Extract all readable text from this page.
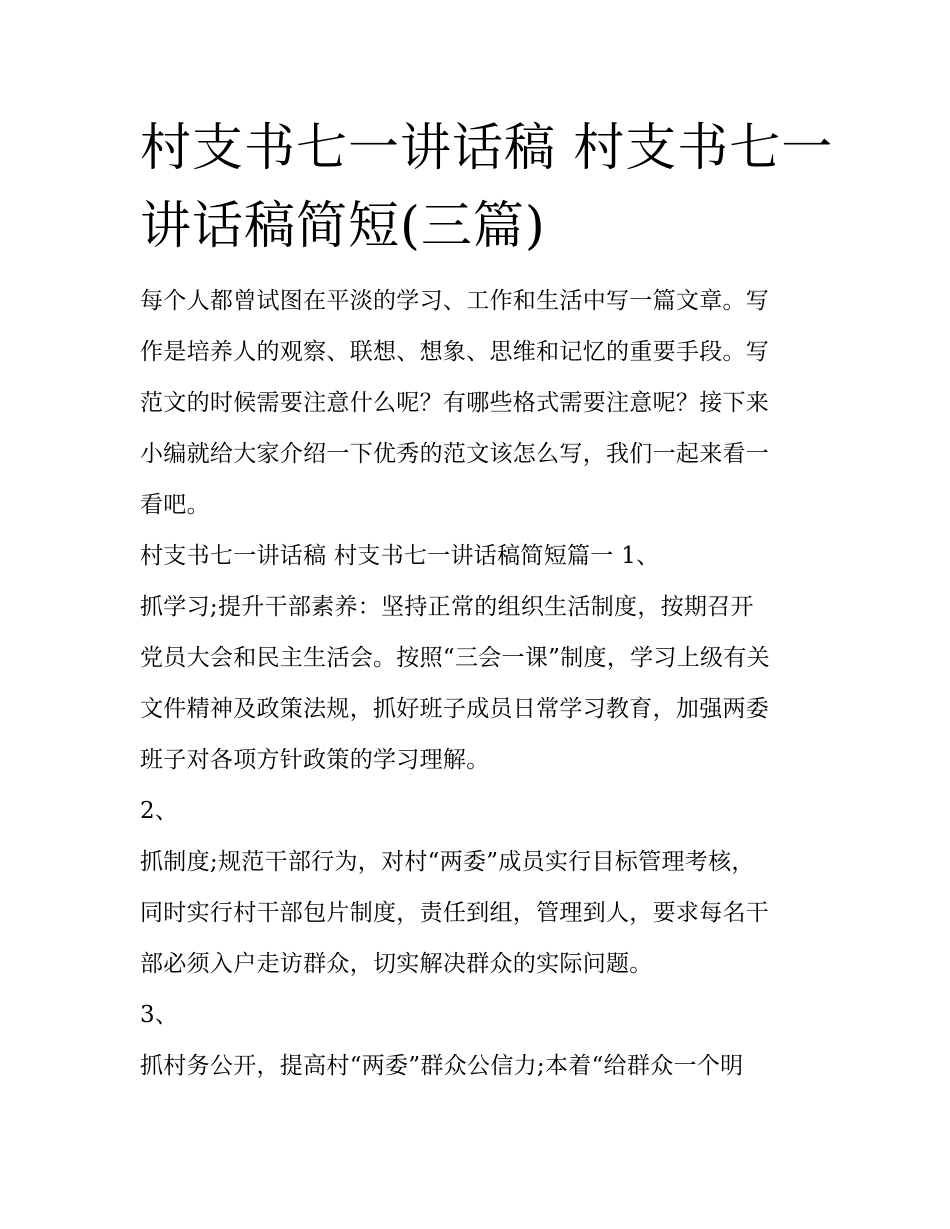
村支书七一讲话稿 村支书七一
讲话稿简短(三篇)

每个人都曾试图在平淡的学习、工作和生活中写一篇文章。写
作是培养人的观察、联想、想象、思维和记忆的重要手段。写
范文的时候需要注意什么呢？有哪些格式需要注意呢？接下来
小编就给大家介绍一下优秀的范文该怎么写，我们一起来看一
看吧。

村支书七一讲话稿 村支书七一讲话稿简短篇一 1、

抓学习;提升干部素养：坚持正常的组织生活制度，按期召开
党员大会和民主生活会。按照“三会一课”制度，学习上级有关
文件精神及政策法规，抓好班子成员日常学习教育，加强两委
班子对各项方针政策的学习理解。

2、

抓制度;规范干部行为，对村“两委”成员实行目标管理考核，
同时实行村干部包片制度，责任到组，管理到人，要求每名干
部必须入户走访群众，切实解决群众的实际问题。

3、

抓村务公开，提高村“两委”群众公信力;本着“给群众一个明
